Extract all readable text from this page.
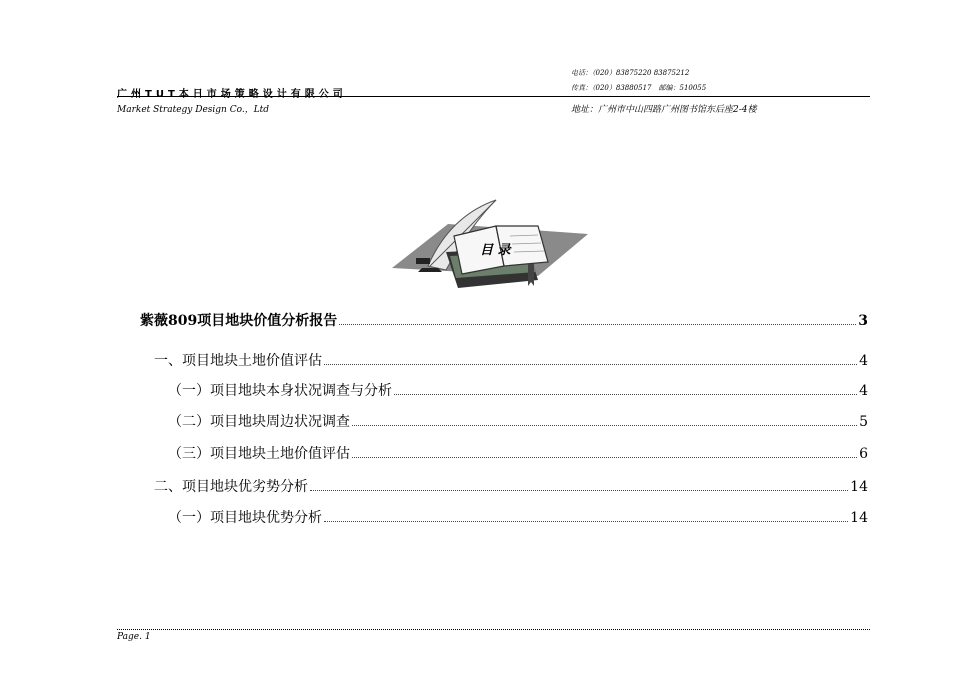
电话：（020）83875220 83875212
传真：（020）83880517　邮编：510055
广州TUT本日市场策略设计有限公司
Market Strategy Design Co.，Ltd	地址：广州市中山四路广州图书馆东后座2-4楼
目 录
紫薇809项目地块价值分析报告	3
一、项目地块土地价值评估	4
（一）项目地块本身状况调查与分析	4
（二）项目地块周边状况调查	5
（三）项目地块土地价值评估	6
二、项目地块优劣势分析	14
（一）项目地块优势分析	14
Page. 1
